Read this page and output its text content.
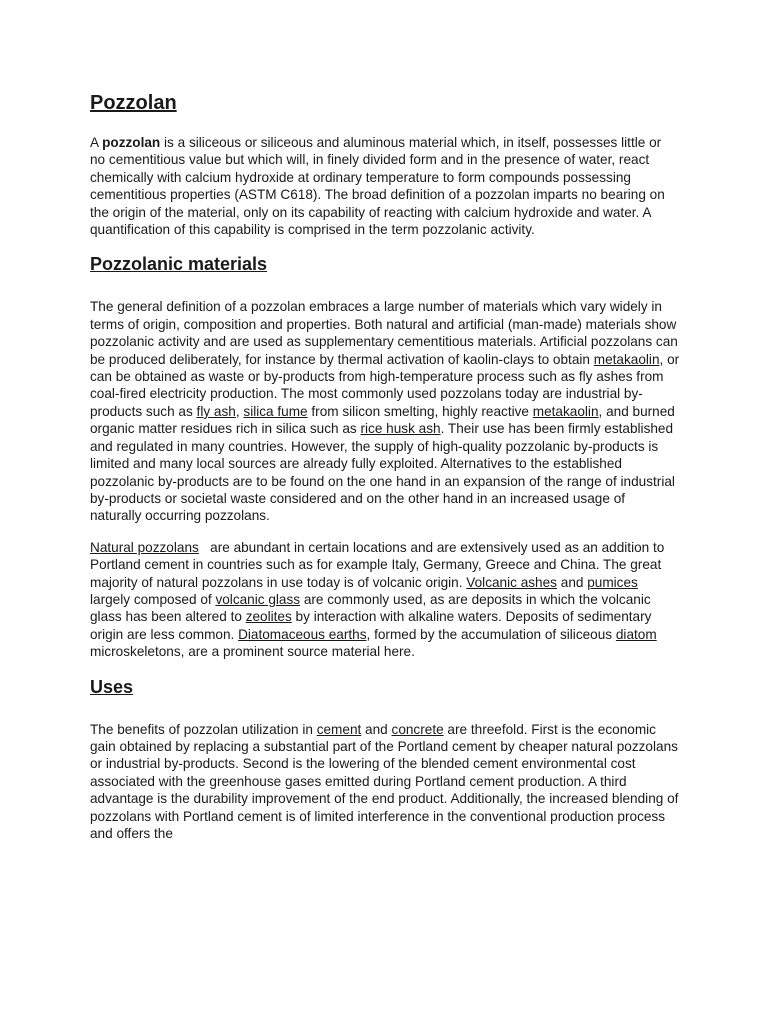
Pozzolan

A pozzolan is a siliceous or siliceous and aluminous material which, in itself, possesses little or no cementitious value but which will, in finely divided form and in the presence of water, react chemically with calcium hydroxide at ordinary temperature to form compounds possessing cementitious properties (ASTM C618). The broad definition of a pozzolan imparts no bearing on the origin of the material, only on its capability of reacting with calcium hydroxide and water. A quantification of this capability is comprised in the term pozzolanic activity.

Pozzolanic materials

The general definition of a pozzolan embraces a large number of materials which vary widely in terms of origin, composition and properties. Both natural and artificial (man-made) materials show pozzolanic activity and are used as supplementary cementitious materials. Artificial pozzolans can be produced deliberately, for instance by thermal activation of kaolin-clays to obtain metakaolin, or can be obtained as waste or by-products from high-temperature process such as fly ashes from coal-fired electricity production. The most commonly used pozzolans today are industrial by-products such as fly ash, silica fume from silicon smelting, highly reactive metakaolin, and burned organic matter residues rich in silica such as rice husk ash. Their use has been firmly established and regulated in many countries. However, the supply of high-quality pozzolanic by-products is limited and many local sources are already fully exploited. Alternatives to the established pozzolanic by-products are to be found on the one hand in an expansion of the range of industrial by-products or societal waste considered and on the other hand in an increased usage of naturally occurring pozzolans.

Natural pozzolans   are abundant in certain locations and are extensively used as an addition to Portland cement in countries such as for example Italy, Germany, Greece and China. The great majority of natural pozzolans in use today is of volcanic origin. Volcanic ashes and pumices largely composed of volcanic glass are commonly used, as are deposits in which the volcanic glass has been altered to zeolites by interaction with alkaline waters. Deposits of sedimentary origin are less common. Diatomaceous earths, formed by the accumulation of siliceous diatom microskeletons, are a prominent source material here.

Uses

The benefits of pozzolan utilization in cement and concrete are threefold. First is the economic gain obtained by replacing a substantial part of the Portland cement by cheaper natural pozzolans or industrial by-products. Second is the lowering of the blended cement environmental cost associated with the greenhouse gases emitted during Portland cement production. A third advantage is the durability improvement of the end product. Additionally, the increased blending of pozzolans with Portland cement is of limited interference in the conventional production process and offers the
